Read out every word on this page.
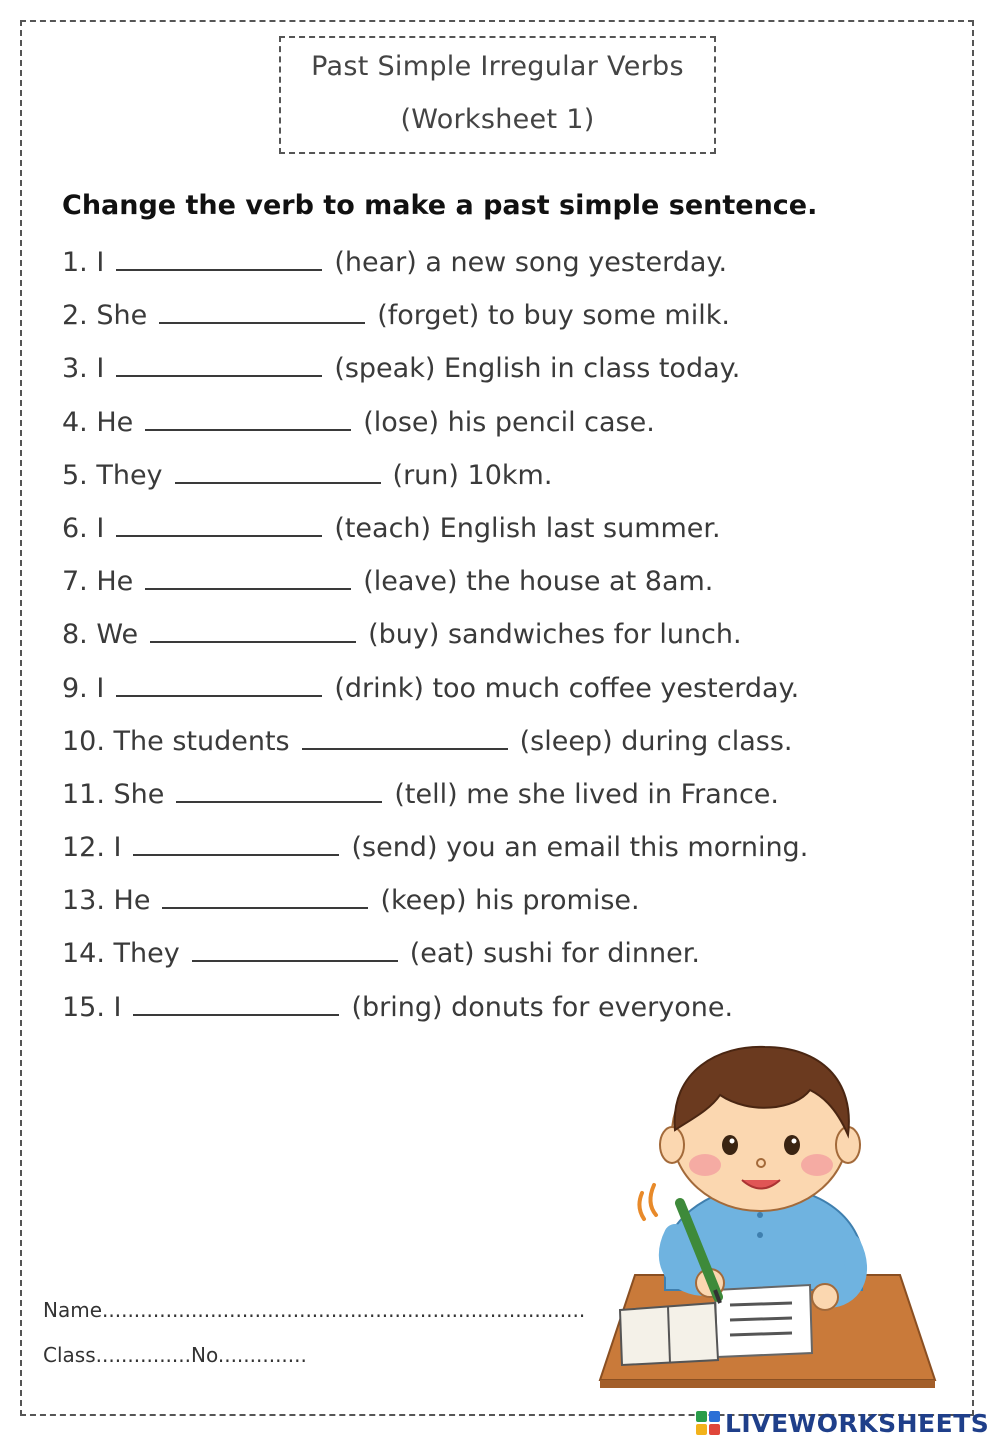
Past Simple Irregular Verbs
(Worksheet 1)
Change the verb to make a past simple sentence.
1. I	(hear) a new song yesterday.
2. She	(forget) to buy some milk.
3. I	(speak) English in class today.
4. He	(lose) his pencil case.
5. They	(run) 10km.
6. I	(teach) English last summer.
7. He	(leave) the house at 8am.
8. We	(buy) sandwiches for lunch.
9. I	(drink) too much coffee yesterday.
10. The students	(sleep) during class.
11. She	(tell) me she lived in France.
12. I	(send) you an email this morning.
13. He	(keep) his promise.
14. They	(eat) sushi for dinner.
15. I	(bring) donuts for everyone.
Name............................................................................
Class...............No..............
LIVEWORKSHEETS
